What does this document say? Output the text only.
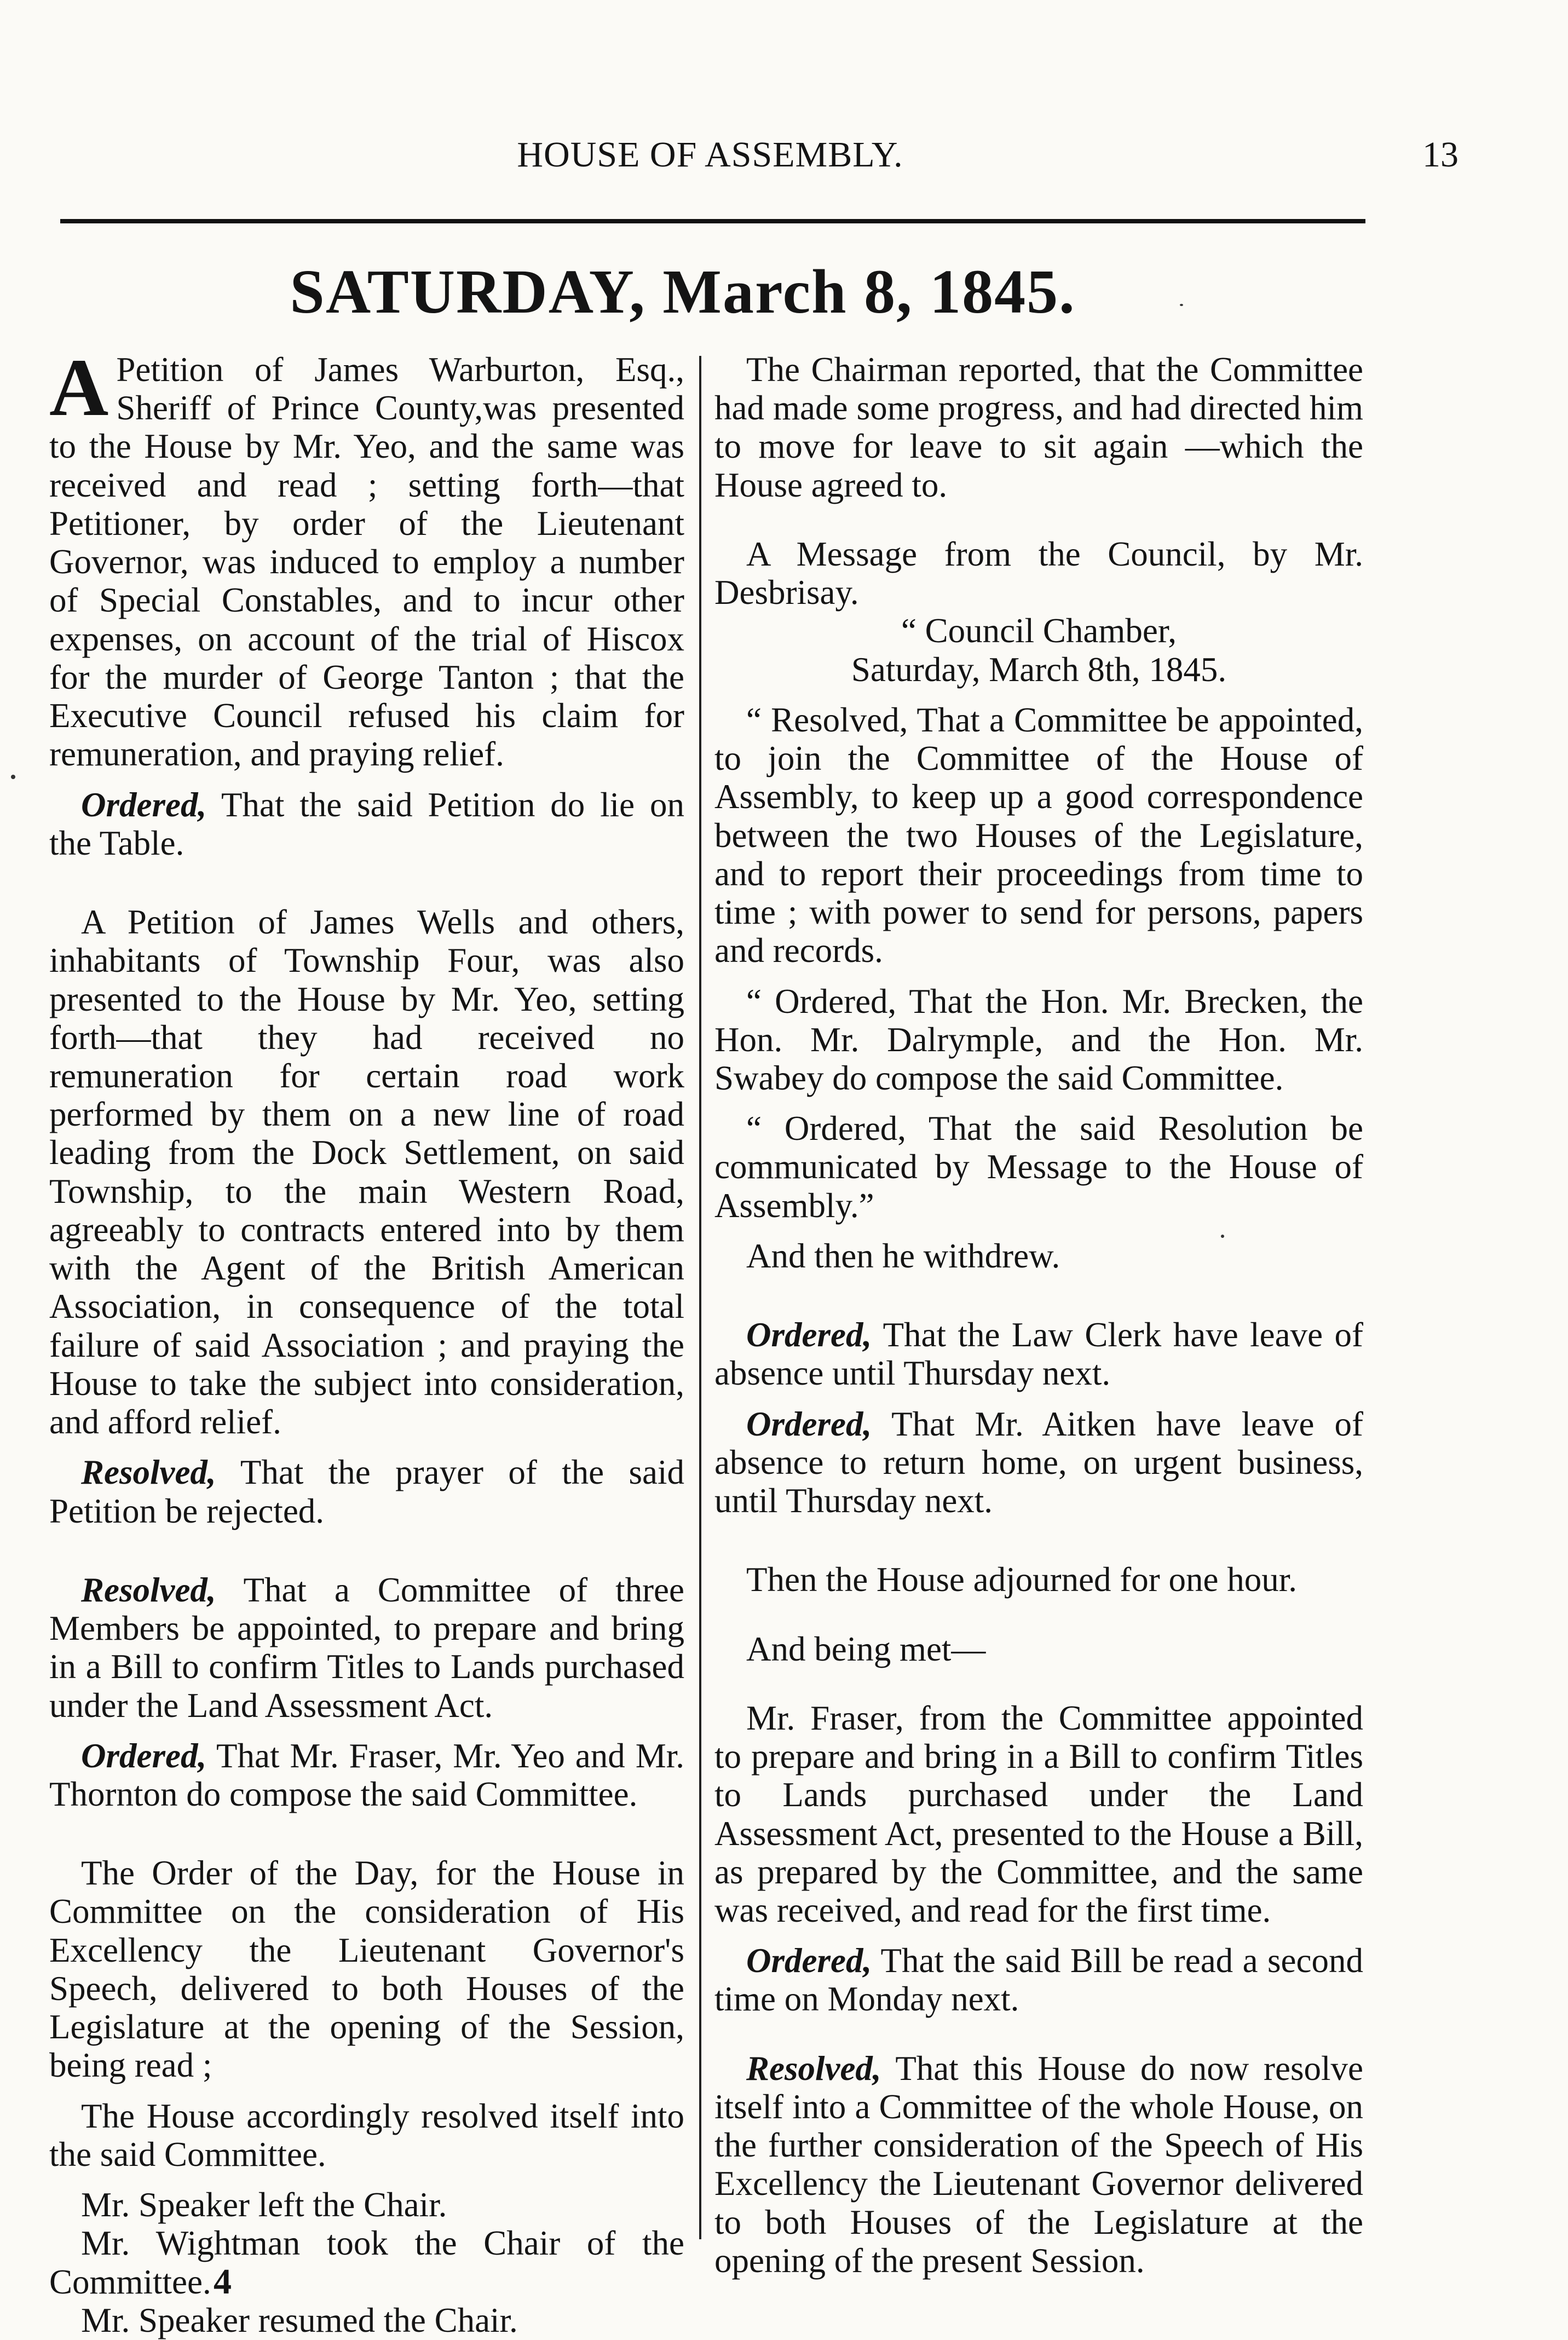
HOUSE OF ASSEMBLY.	13
SATURDAY, March 8, 1845.

A Petition of James Warburton, Esq., Sheriff of Prince County,was presented to the House by Mr. Yeo, and the same was received and read ; setting forth—that Petitioner, by order of the Lieutenant Governor, was induced to employ a number of Special Constables, and to incur other expenses, on account of the trial of Hiscox for the murder of George Tanton ; that the Executive Council refused his claim for remuneration, and praying relief.

Ordered, That the said Petition do lie on the Table.

A Petition of James Wells and others, inhabitants of Township Four, was also presented to the House by Mr. Yeo, setting forth—that they had received no remuneration for certain road work performed by them on a new line of road leading from the Dock Settlement, on said Township, to the main Western Road, agreeably to contracts entered into by them with the Agent of the British American Association, in consequence of the total failure of said Association ; and praying the House to take the subject into consideration, and afford relief.

Resolved, That the prayer of the said Petition be rejected.

Resolved, That a Committee of three Members be appointed, to prepare and bring in a Bill to confirm Titles to Lands purchased under the Land Assessment Act.

Ordered, That Mr. Fraser, Mr. Yeo and Mr. Thornton do compose the said Committee.

The Order of the Day, for the House in Committee on the consideration of His Excellency the Lieutenant Governor's Speech, delivered to both Houses of the Legislature at the opening of the Session, being read ;

The House accordingly resolved itself into the said Committee.

Mr. Speaker left the Chair.

Mr. Wightman took the Chair of the Committee.

Mr. Speaker resumed the Chair.

The Chairman reported, that the Committee had made some progress, and had directed him to move for leave to sit again —which the House agreed to.

A Message from the Council, by Mr. Desbrisay.

“ Council Chamber,

Saturday, March 8th, 1845.

“ Resolved, That a Committee be appointed, to join the Committee of the House of Assembly, to keep up a good correspondence between the two Houses of the Legislature, and to report their proceedings from time to time ; with power to send for persons, papers and records.

“ Ordered, That the Hon. Mr. Brecken, the Hon. Mr. Dalrymple, and the Hon. Mr. Swabey do compose the said Committee.

“ Ordered, That the said Resolution be communicated by Message to the House of Assembly.”

And then he withdrew.

Ordered, That the Law Clerk have leave of absence until Thursday next.

Ordered, That Mr. Aitken have leave of absence to return home, on urgent business, until Thursday next.

Then the House adjourned for one hour.

And being met—

Mr. Fraser, from the Committee appointed to prepare and bring in a Bill to confirm Titles to Lands purchased under the Land Assessment Act, presented to the House a Bill, as prepared by the Committee, and the same was received, and read for the first time.

Ordered, That the said Bill be read a second time on Monday next.

Resolved, That this House do now resolve itself into a Committee of the whole House, on the further consideration of the Speech of His Excellency the Lieutenant Governor delivered to both Houses of the Legislature at the opening of the present Session.

4
